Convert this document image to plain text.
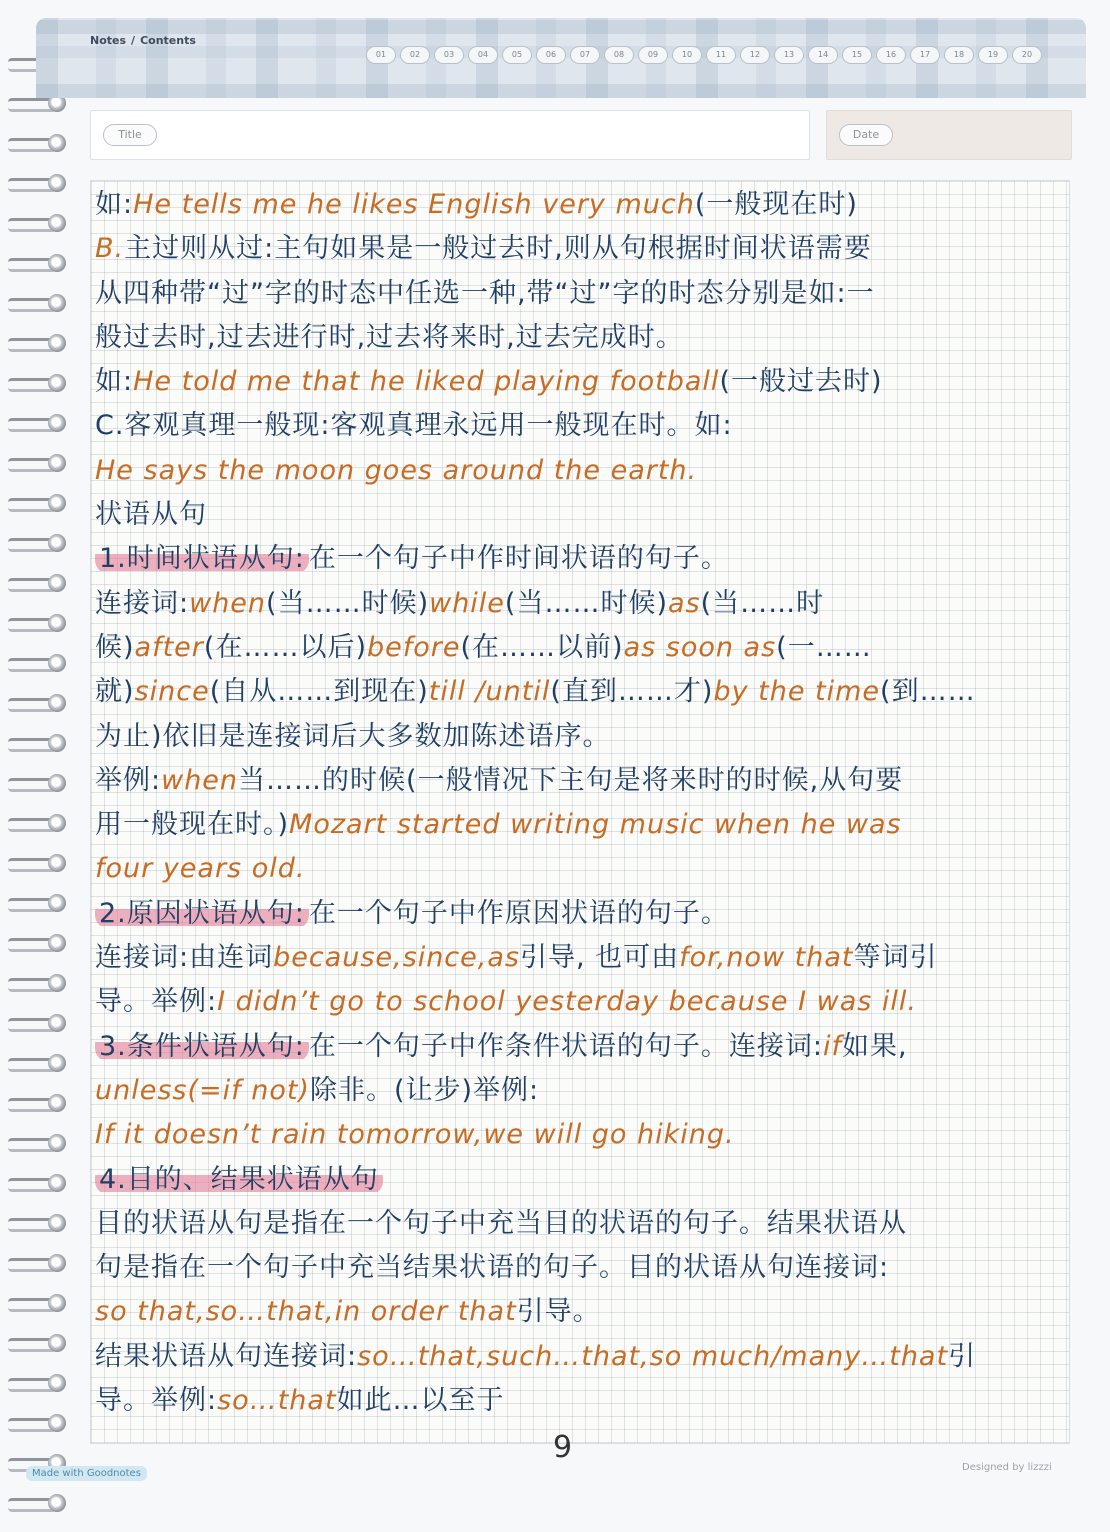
Notes / Contents
01	02	03	04	05	06	07	08	09	10	11	12	13	14	15	16	17	18	19	20
Title	Date
如:He tells me he likes English very much(一般现在时)
B.主过则从过:主句如果是一般过去时,则从句根据时间状语需要
从四种带“过”字的时态中任选一种,带“过”字的时态分别是如:一
般过去时,过去进行时,过去将来时,过去完成时。
如:He told me that he liked playing football(一般过去时)
C.客观真理一般现:客观真理永远用一般现在时。如:
He says the moon goes around the earth.
状语从句
1.时间状语从句: 在一个句子中作时间状语的句子。
连接词:when(当……时候)while(当……时候)as(当……时
候)after(在……以后)before(在……以前)as soon as(一……
就)since(自从……到现在)till /until(直到……才)by the time(到……
为止)依旧是连接词后大多数加陈述语序。
举例:when当……的时候(一般情况下主句是将来时的时候,从句要
用一般现在时。)Mozart started writing music when he was
four years old.
2.原因状语从句: 在一个句子中作原因状语的句子。
连接词:由连词because,since,as引导, 也可由for,now that等词引
导。举例:I didn’t go to school yesterday because I was ill.
3.条件状语从句: 在一个句子中作条件状语的句子。连接词:if如果,
unless(=if not)除非。(让步)举例:
If it doesn’t rain tomorrow,we will go hiking.
4.目的、结果状语从句
目的状语从句是指在一个句子中充当目的状语的句子。结果状语从
句是指在一个句子中充当结果状语的句子。目的状语从句连接词:
so that,so…that,in order that引导。
结果状语从句连接词:so…that,such…that,so much/many…that引
导。举例:so…that如此…以至于
9
Made with Goodnotes
Designed by lizzzi
